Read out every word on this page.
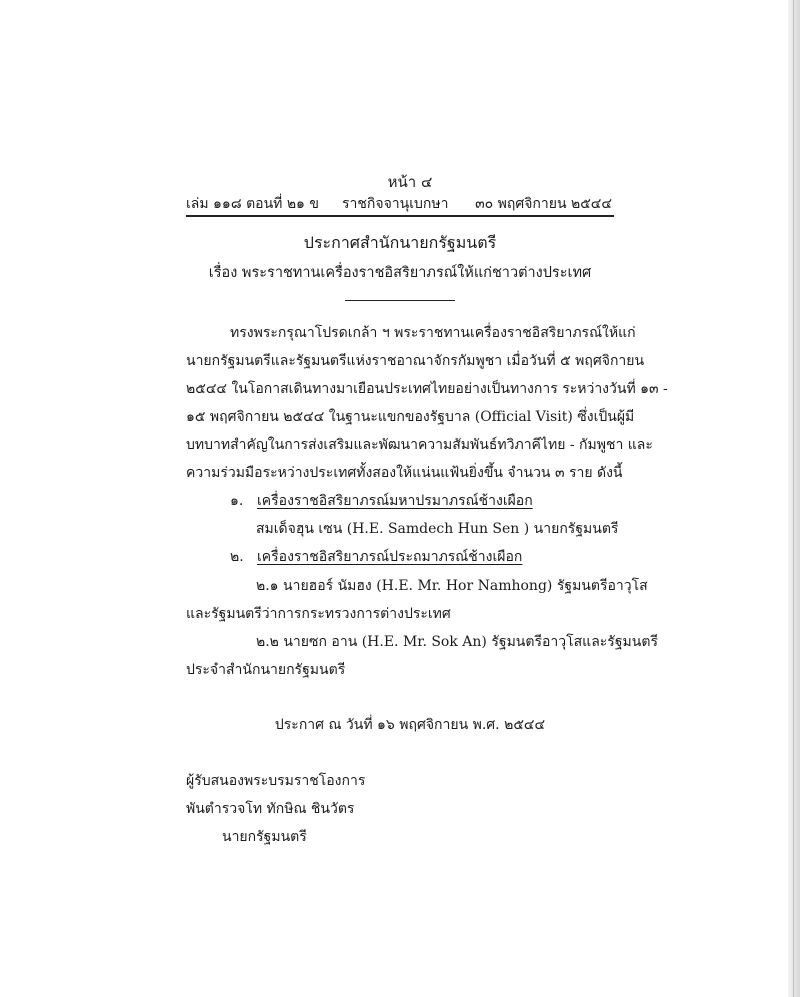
หน้า ๔
เล่ม ๑๑๘ ตอนที่ ๒๑ ข ราชกิจจานุเบกษา ๓๐ พฤศจิกายน ๒๕๔๔
ประกาศสำนักนายกรัฐมนตรี
เรื่อง พระราชทานเครื่องราชอิสริยาภรณ์ให้แก่ชาวต่างประเทศ
ทรงพระกรุณาโปรดเกล้า ฯ พระราชทานเครื่องราชอิสริยาภรณ์ให้แก่
นายกรัฐมนตรีและรัฐมนตรีแห่งราชอาณาจักรกัมพูชา เมื่อวันที่ ๕ พฤศจิกายน
๒๕๔๔ ในโอกาสเดินทางมาเยือนประเทศไทยอย่างเป็นทางการ ระหว่างวันที่ ๑๓ -
๑๕ พฤศจิกายน ๒๕๔๔ ในฐานะแขกของรัฐบาล (Official Visit) ซึ่งเป็นผู้มี
บทบาทสำคัญในการส่งเสริมและพัฒนาความสัมพันธ์ทวิภาคีไทย - กัมพูชา และ
ความร่วมมือระหว่างประเทศทั้งสองให้แน่นแฟ้นยิ่งขึ้น จำนวน ๓ ราย ดังนี้
๑. เครื่องราชอิสริยาภรณ์มหาปรมาภรณ์ช้างเผือก
สมเด็จฮุน เซน (H.E. Samdech Hun Sen ) นายกรัฐมนตรี
๒. เครื่องราชอิสริยาภรณ์ประถมาภรณ์ช้างเผือก
๒.๑ นายฮอร์ นัมฮง (H.E. Mr. Hor Namhong) รัฐมนตรีอาวุโส
และรัฐมนตรีว่าการกระทรวงการต่างประเทศ
๒.๒ นายซก อาน (H.E. Mr. Sok An) รัฐมนตรีอาวุโสและรัฐมนตรี
ประจำสำนักนายกรัฐมนตรี
ประกาศ ณ วันที่ ๑๖ พฤศจิกายน พ.ศ. ๒๕๔๔
ผู้รับสนองพระบรมราชโองการ
พันตำรวจโท ทักษิณ ชินวัตร
นายกรัฐมนตรี
